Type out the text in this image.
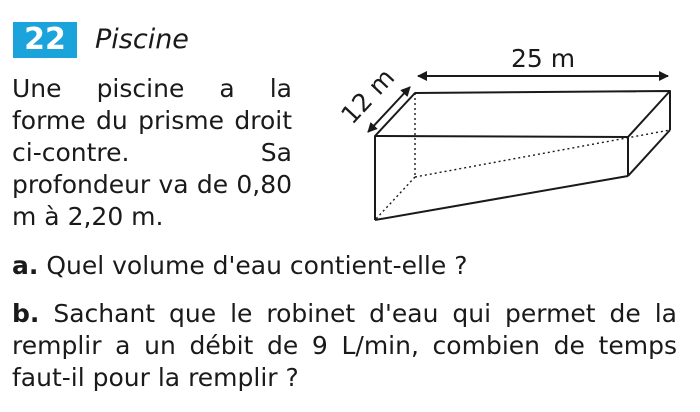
22	Piscine

Une piscine a la forme du prisme droit ci-contre. Sa profondeur va de 0,80 m à 2,20 m.

25 m
12 m

a. Quel volume d'eau contient-elle ?

b. Sachant que le robinet d'eau qui permet de la remplir a un débit de 9 L/min, combien de temps faut-il pour la remplir ?
